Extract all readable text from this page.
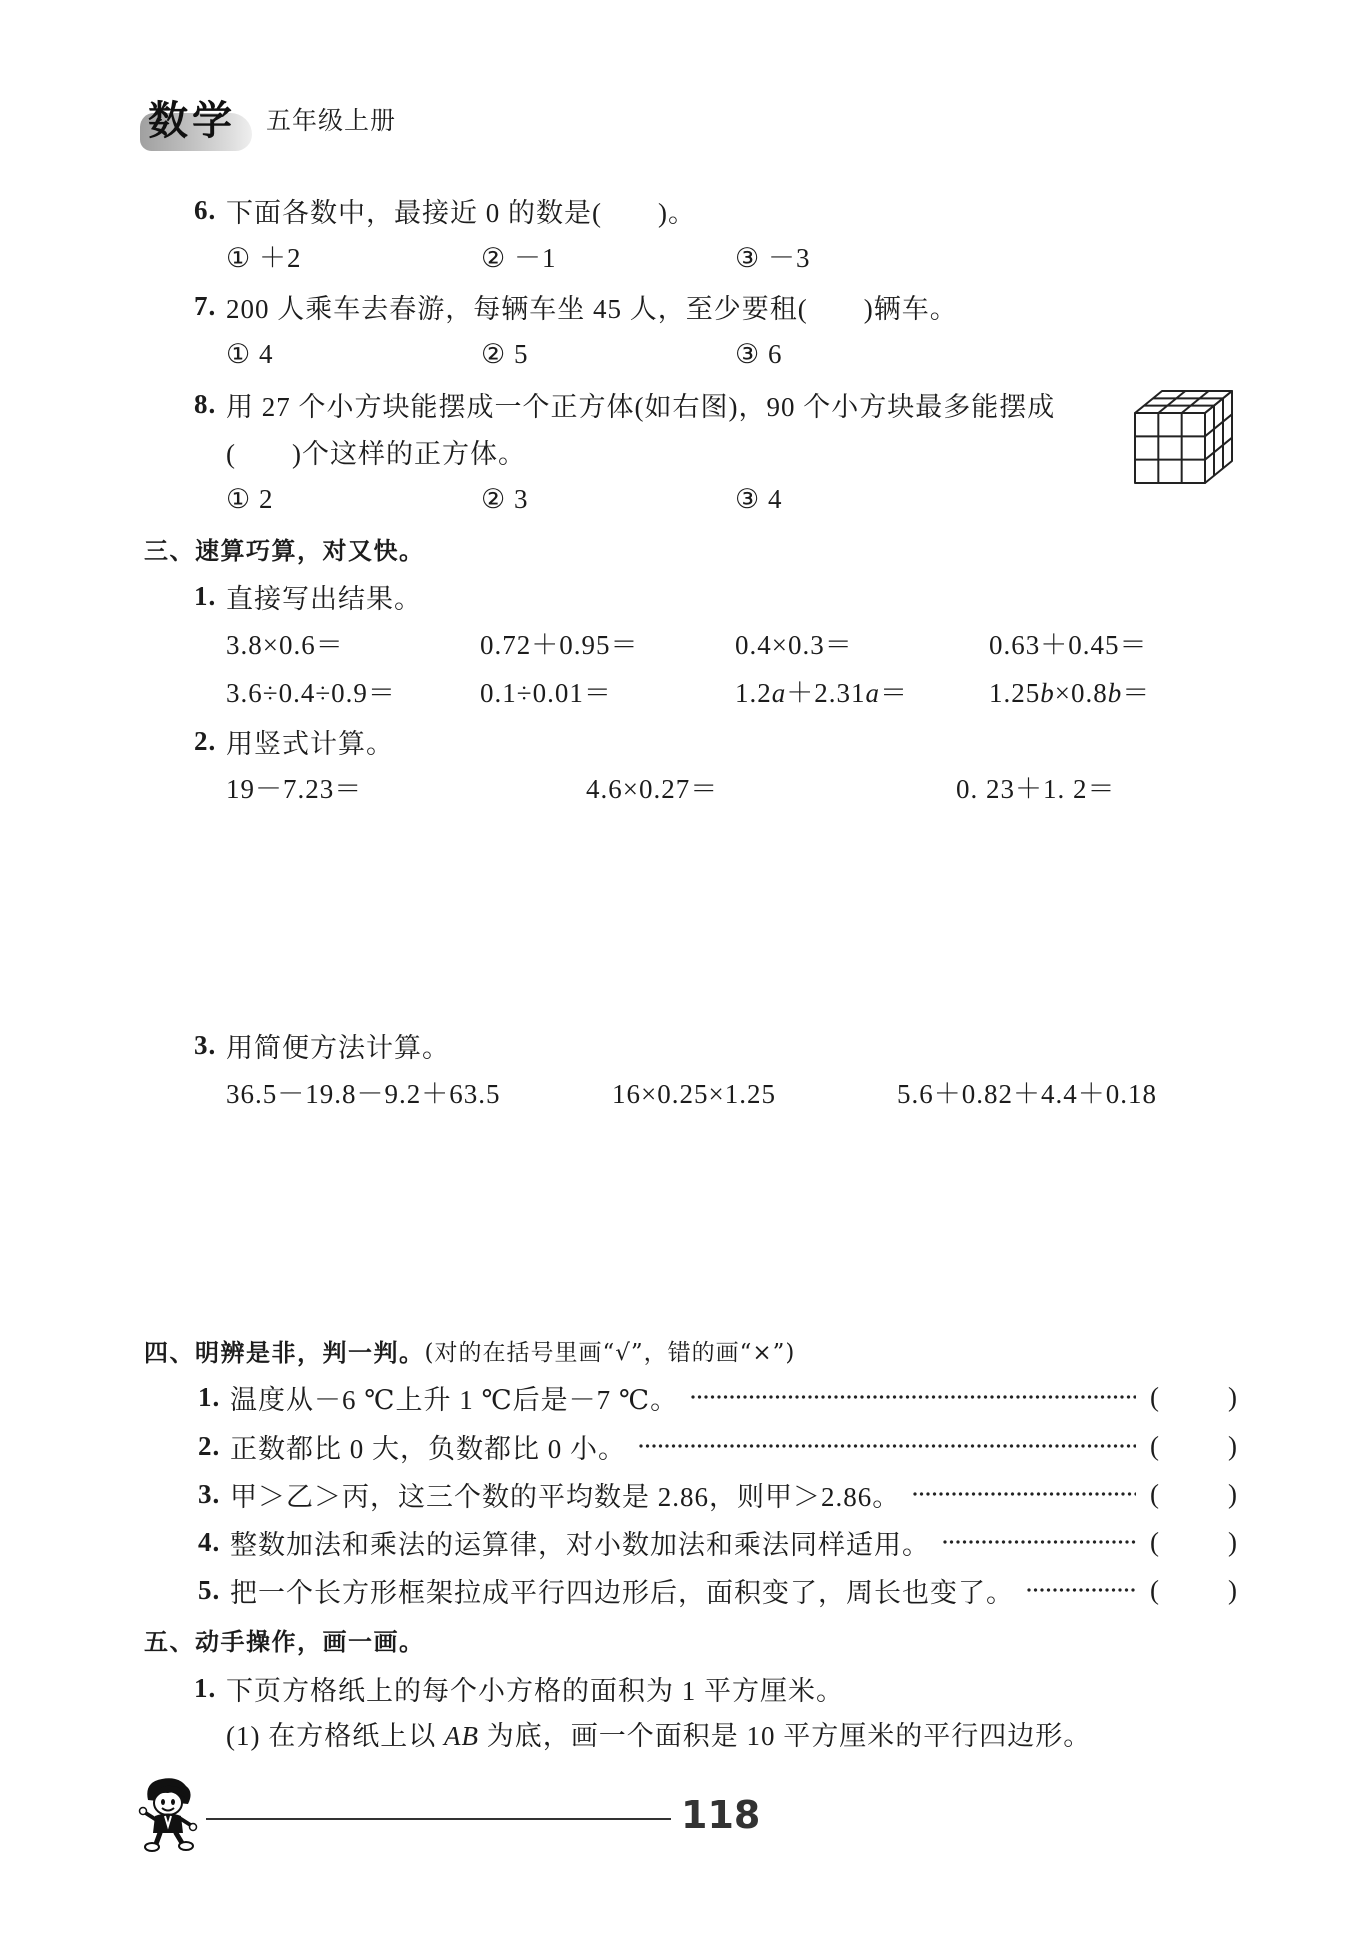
数学 五年级上册
6. 下面各数中，最接近 0 的数是(　　)。
① ＋2	② －1	③ －3
7. 200 人乘车去春游，每辆车坐 45 人，至少要租(　　)辆车。
① 4	② 5	③ 6
8. 用 27 个小方块能摆成一个正方体(如右图)，90 个小方块最多能摆成
(　　)个这样的正方体。
① 2	② 3	③ 4
三、速算巧算，对又快。
1. 直接写出结果。
3.8×0.6＝	0.72＋0.95＝	0.4×0.3＝	0.63＋0.45＝
3.6÷0.4÷0.9＝	0.1÷0.01＝	1.2a＋2.31a＝	1.25b×0.8b＝
2. 用竖式计算。
19－7.23＝	4.6×0.27＝	0. 23＋1. 2＝
3. 用简便方法计算。
36.5－19.8－9.2＋63.5	16×0.25×1.25	5.6＋0.82＋4.4＋0.18
四、明辨是非，判一判。 (对的在括号里画“√”，错的画“×”)
1. 温度从－6 ℃上升 1 ℃后是－7 ℃。	(	)
2. 正数都比 0 大，负数都比 0 小。	(	)
3. 甲＞乙＞丙，这三个数的平均数是 2.86，则甲＞2.86。	(	)
4. 整数加法和乘法的运算律，对小数加法和乘法同样适用。	(	)
5. 把一个长方形框架拉成平行四边形后，面积变了，周长也变了。	(	)
五、动手操作，画一画。
1. 下页方格纸上的每个小方格的面积为 1 平方厘米。
(1) 在方格纸上以 AB 为底，画一个面积是 10 平方厘米的平行四边形。
118
